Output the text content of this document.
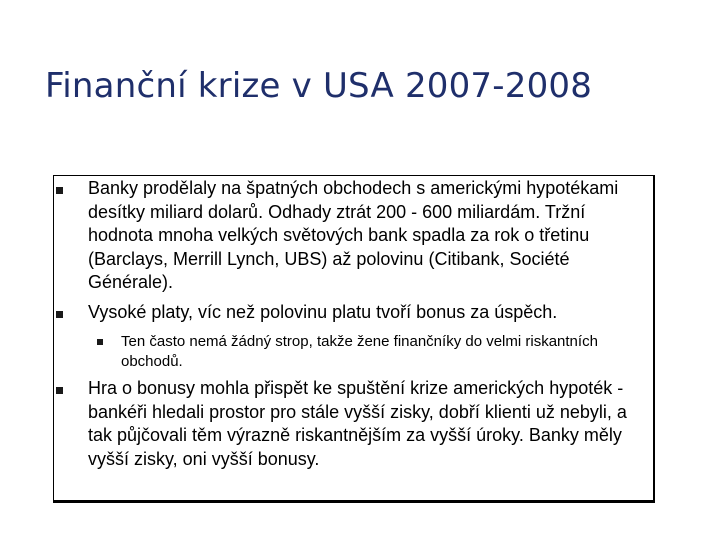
Finanční krize v USA 2007-2008

Banky prodělaly na špatných obchodech s americkými hypotékami desítky miliard dolarů. Odhady ztrát 200 - 600 miliardám. Tržní hodnota mnoha velkých světových bank spadla za rok o třetinu (Barclays, Merrill Lynch, UBS) až polovinu (Citibank, Société Générale).

Vysoké platy, víc než polovinu platu tvoří bonus za úspěch.

Ten často nemá žádný strop, takže žene finančníky do velmi riskantních obchodů.

Hra o bonusy mohla přispět ke spuštění krize amerických hypoték - bankéři hledali prostor pro stále vyšší zisky, dobří klienti už nebyli, a tak půjčovali těm výrazně riskantnějším za vyšší úroky. Banky měly vyšší zisky, oni vyšší bonusy.
